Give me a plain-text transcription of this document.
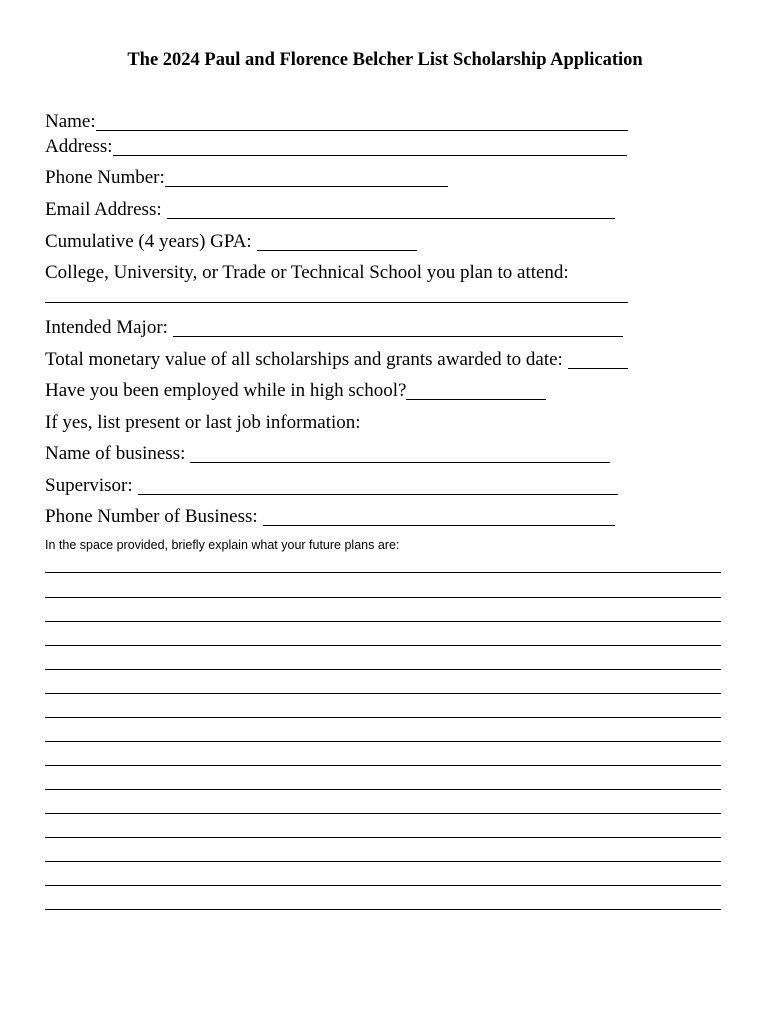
The 2024 Paul and Florence Belcher List Scholarship Application
Name:
Address:
Phone Number:
Email Address:
Cumulative (4 years) GPA:
College, University, or Trade or Technical School you plan to attend:
Intended Major:
Total monetary value of all scholarships and grants awarded to date:
Have you been employed while in high school?
If yes, list present or last job information:
Name of business:
Supervisor:
Phone Number of Business:
In the space provided, briefly explain what your future plans are:
